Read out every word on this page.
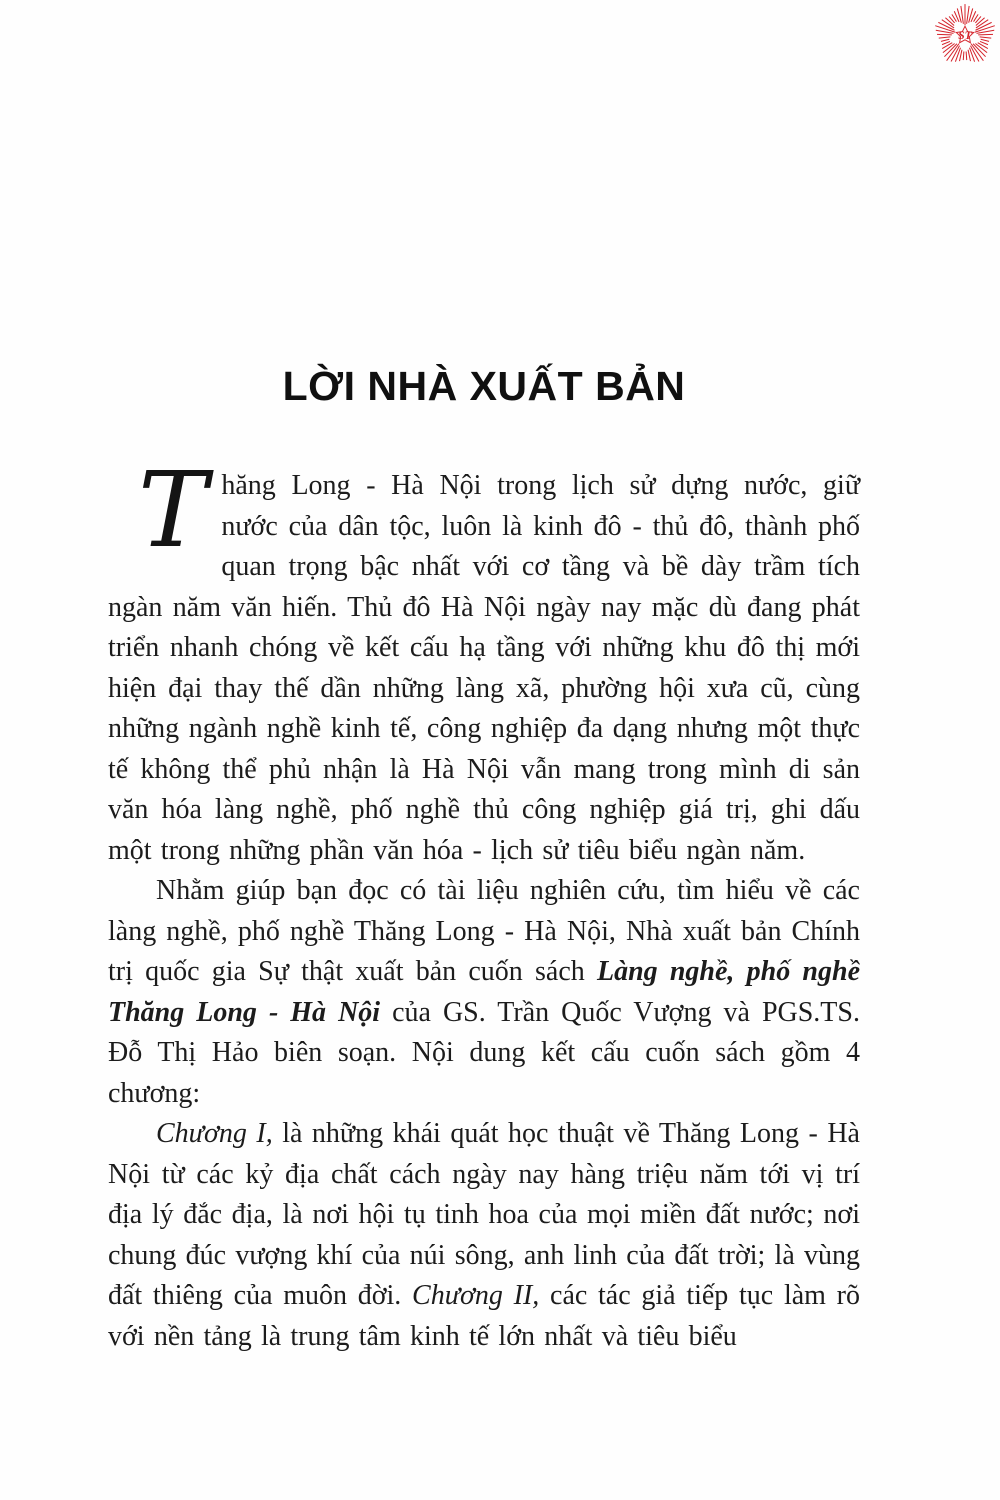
ST
LỜI NHÀ XUẤT BẢN

Thăng Long - Hà Nội trong lịch sử dựng nước, giữ nước của dân tộc, luôn là kinh đô - thủ đô, thành phố quan trọng bậc nhất với cơ tầng và bề dày trầm tích ngàn năm văn hiến. Thủ đô Hà Nội ngày nay mặc dù đang phát triển nhanh chóng về kết cấu hạ tầng với những khu đô thị mới hiện đại thay thế dần những làng xã, phường hội xưa cũ, cùng những ngành nghề kinh tế, công nghiệp đa dạng nhưng một thực tế không thể phủ nhận là Hà Nội vẫn mang trong mình di sản văn hóa làng nghề, phố nghề thủ công nghiệp giá trị, ghi dấu một trong những phần văn hóa - lịch sử tiêu biểu ngàn năm.

Nhằm giúp bạn đọc có tài liệu nghiên cứu, tìm hiểu về các làng nghề, phố nghề Thăng Long - Hà Nội, Nhà xuất bản Chính trị quốc gia Sự thật xuất bản cuốn sách Làng nghề, phố nghề Thăng Long - Hà Nội của GS. Trần Quốc Vượng và PGS.TS. Đỗ Thị Hảo biên soạn. Nội dung kết cấu cuốn sách gồm 4 chương:

Chương I, là những khái quát học thuật về Thăng Long - Hà Nội từ các kỷ địa chất cách ngày nay hàng triệu năm tới vị trí địa lý đắc địa, là nơi hội tụ tinh hoa của mọi miền đất nước; nơi chung đúc vượng khí của núi sông, anh linh của đất trời; là vùng đất thiêng của muôn đời. Chương II, các tác giả tiếp tục làm rõ với nền tảng là trung tâm kinh tế lớn nhất và tiêu biểu
